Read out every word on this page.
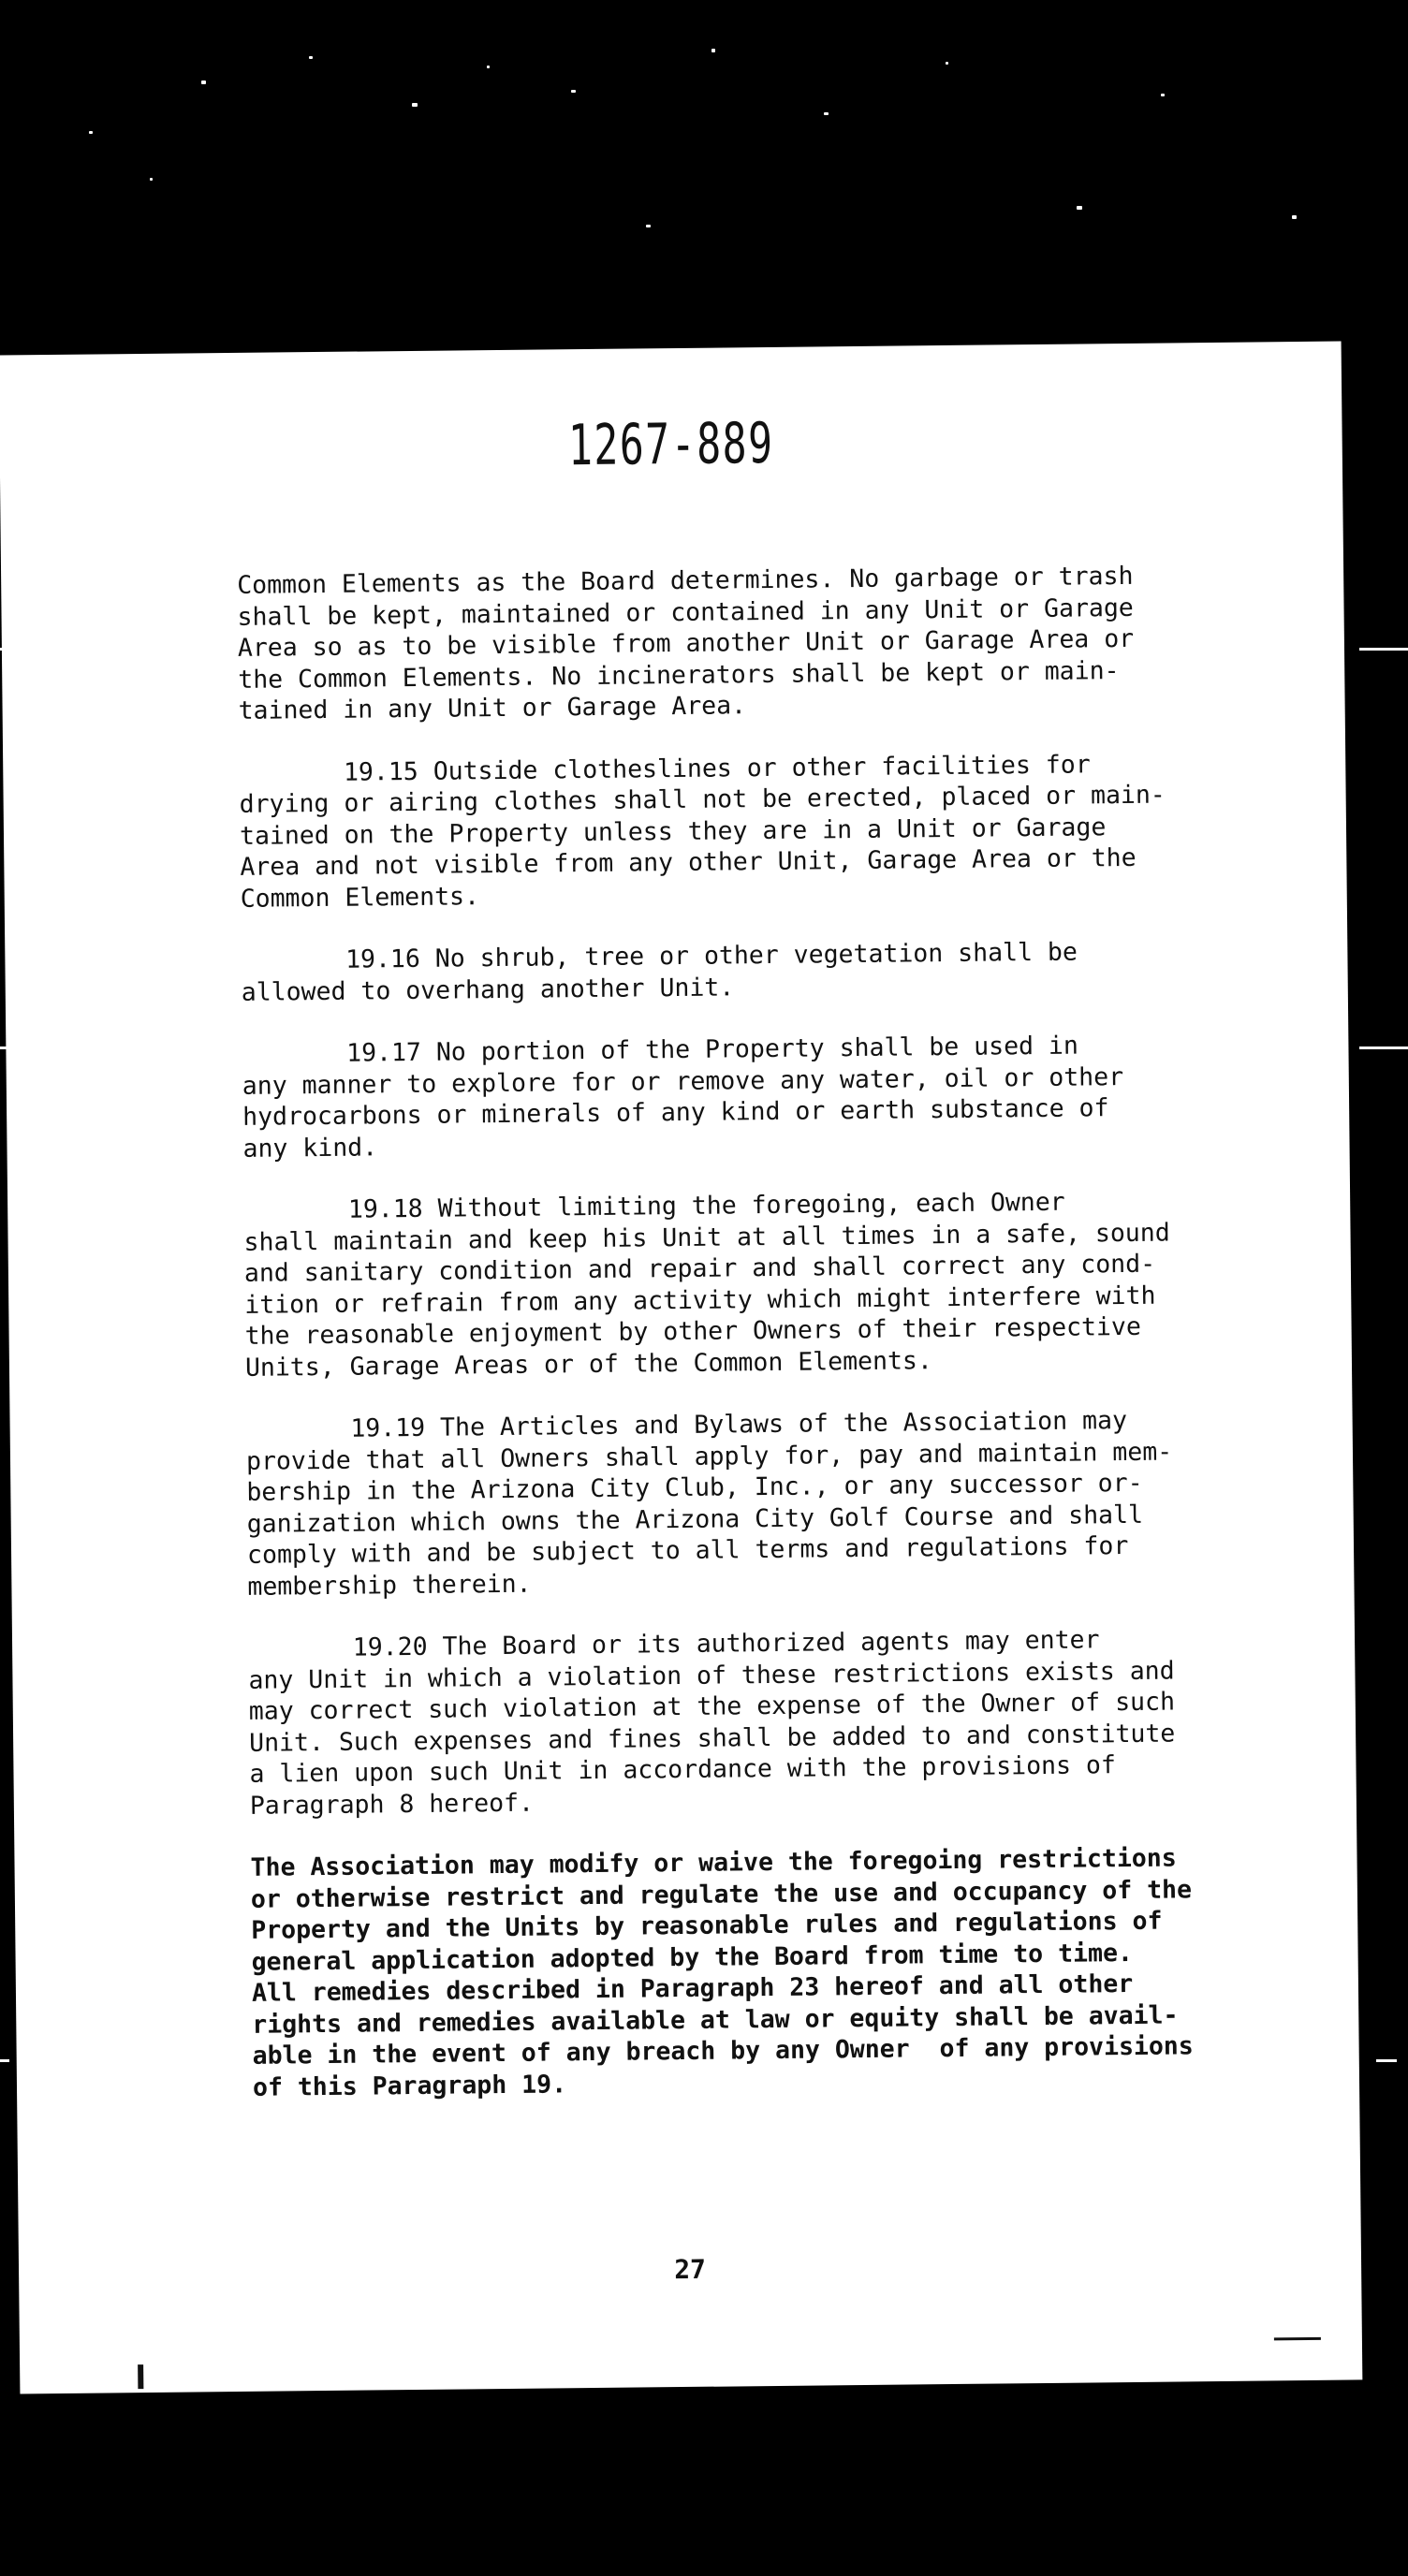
1267-889

Common Elements as the Board determines. No garbage or trash
shall be kept, maintained or contained in any Unit or Garage
Area so as to be visible from another Unit or Garage Area or
the Common Elements. No incinerators shall be kept or main-
tained in any Unit or Garage Area.

19.15 Outside clotheslines or other facilities for
drying or airing clothes shall not be erected, placed or main-
tained on the Property unless they are in a Unit or Garage
Area and not visible from any other Unit, Garage Area or the
Common Elements.

19.16 No shrub, tree or other vegetation shall be
allowed to overhang another Unit.

19.17 No portion of the Property shall be used in
any manner to explore for or remove any water, oil or other
hydrocarbons or minerals of any kind or earth substance of
any kind.

19.18 Without limiting the foregoing, each Owner
shall maintain and keep his Unit at all times in a safe, sound
and sanitary condition and repair and shall correct any cond-
ition or refrain from any activity which might interfere with
the reasonable enjoyment by other Owners of their respective
Units, Garage Areas or of the Common Elements.

19.19 The Articles and Bylaws of the Association may
provide that all Owners shall apply for, pay and maintain mem-
bership in the Arizona City Club, Inc., or any successor or-
ganization which owns the Arizona City Golf Course and shall
comply with and be subject to all terms and regulations for
membership therein.

19.20 The Board or its authorized agents may enter
any Unit in which a violation of these restrictions exists and
may correct such violation at the expense of the Owner of such
Unit. Such expenses and fines shall be added to and constitute
a lien upon such Unit in accordance with the provisions of
Paragraph 8 hereof.

The Association may modify or waive the foregoing restrictions
or otherwise restrict and regulate the use and occupancy of the
Property and the Units by reasonable rules and regulations of
general application adopted by the Board from time to time.
All remedies described in Paragraph 23 hereof and all other
rights and remedies available at law or equity shall be avail-
able in the event of any breach by any Owner  of any provisions
of this Paragraph 19.

27
